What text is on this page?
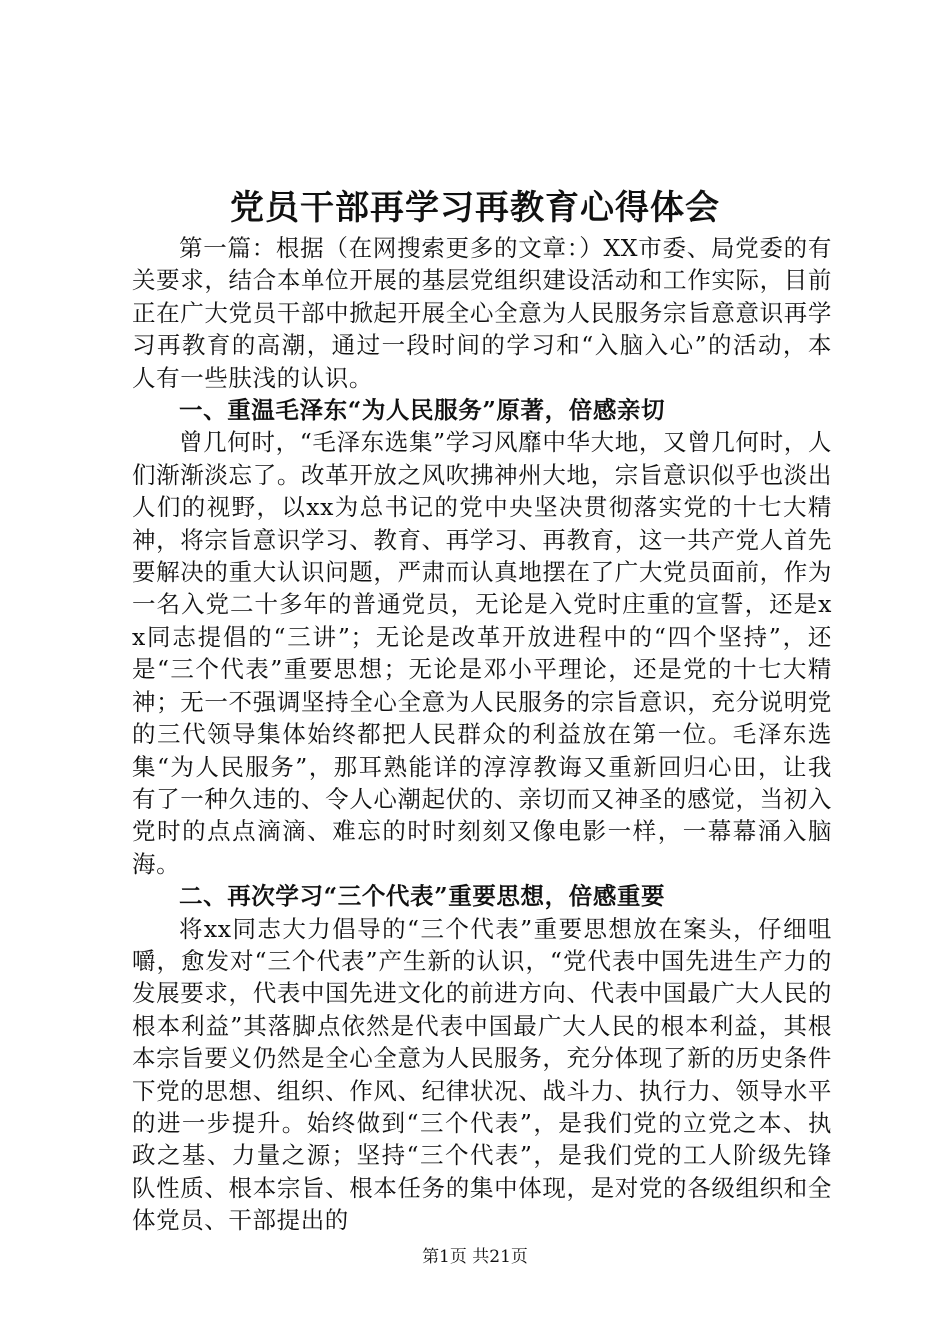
党员干部再学习再教育心得体会

第一篇：根据（在网搜索更多的文章：）XX市委、局党委的有关要求，结合本单位开展的基层党组织建设活动和工作实际，目前正在广大党员干部中掀起开展全心全意为人民服务宗旨意意识再学习再教育的高潮，通过一段时间的学习和“入脑入心”的活动，本人有一些肤浅的认识。

一、重温毛泽东“为人民服务”原著，倍感亲切

曾几何时，“毛泽东选集”学习风靡中华大地，又曾几何时，人们渐渐淡忘了。改革开放之风吹拂神州大地，宗旨意识似乎也淡出人们的视野，以xx为总书记的党中央坚决贯彻落实党的十七大精神，将宗旨意识学习、教育、再学习、再教育，这一共产党人首先要解决的重大认识问题，严肃而认真地摆在了广大党员面前，作为一名入党二十多年的普通党员，无论是入党时庄重的宣誓，还是xx同志提倡的“三讲”；无论是改革开放进程中的“四个坚持”，还是“三个代表”重要思想；无论是邓小平理论，还是党的十七大精神；无一不强调坚持全心全意为人民服务的宗旨意识，充分说明党的三代领导集体始终都把人民群众的利益放在第一位。毛泽东选集“为人民服务”，那耳熟能详的淳淳教诲又重新回归心田，让我有了一种久违的、令人心潮起伏的、亲切而又神圣的感觉，当初入党时的点点滴滴、难忘的时时刻刻又像电影一样，一幕幕涌入脑海。

二、再次学习“三个代表”重要思想，倍感重要

将xx同志大力倡导的“三个代表”重要思想放在案头，仔细咀嚼，愈发对“三个代表”产生新的认识，“党代表中国先进生产力的发展要求，代表中国先进文化的前进方向、代表中国最广大人民的根本利益”其落脚点依然是代表中国最广大人民的根本利益，其根本宗旨要义仍然是全心全意为人民服务，充分体现了新的历史条件下党的思想、组织、作风、纪律状况、战斗力、执行力、领导水平的进一步提升。始终做到“三个代表”，是我们党的立党之本、执政之基、力量之源；坚持“三个代表”，是我们党的工人阶级先锋队性质、根本宗旨、根本任务的集中体现，是对党的各级组织和全体党员、干部提出的

第1页 共21页
